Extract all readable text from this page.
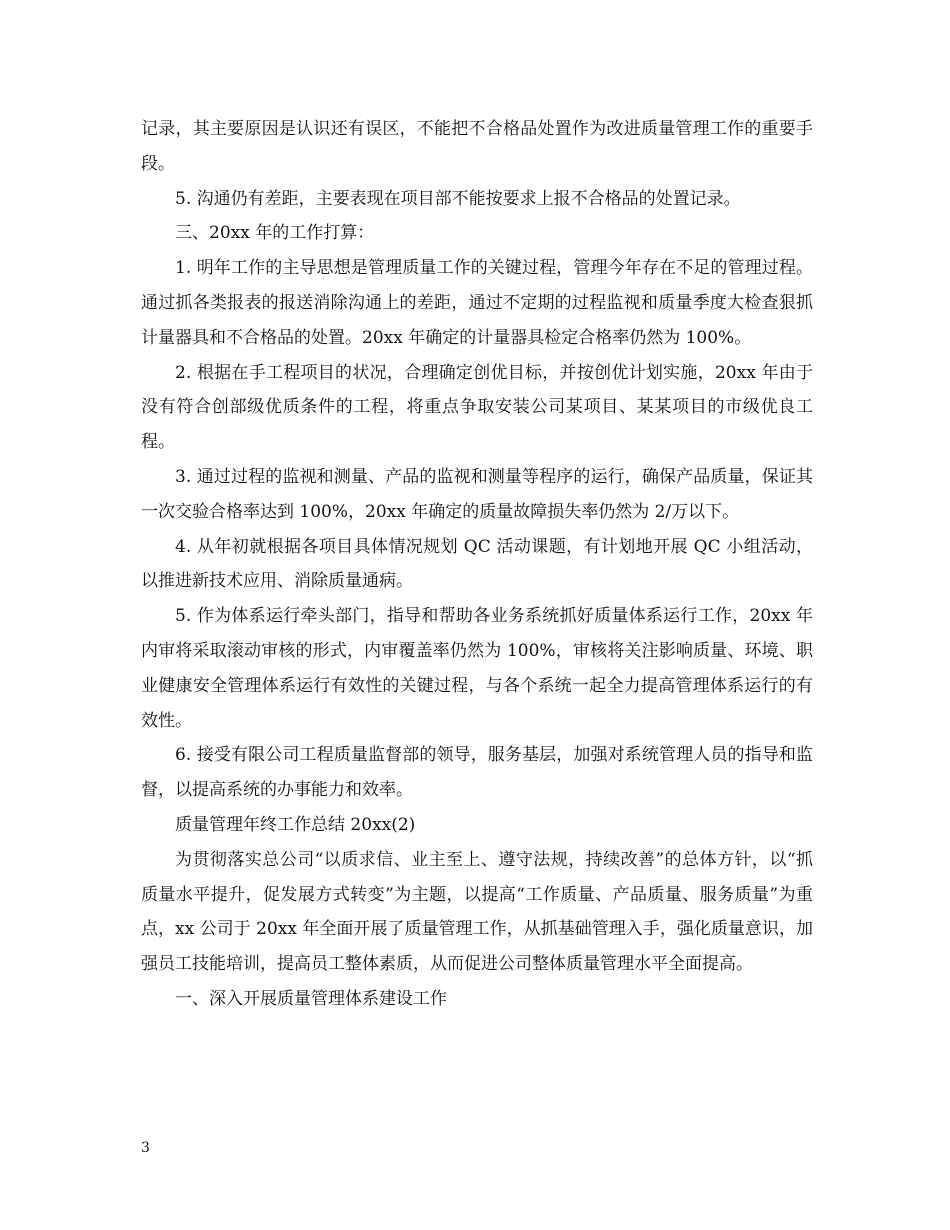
记录，其主要原因是认识还有误区，不能把不合格品处置作为改进质量管理工作的重要手段。

5. 沟通仍有差距，主要表现在项目部不能按要求上报不合格品的处置记录。

三、20xx 年的工作打算：

1. 明年工作的主导思想是管理质量工作的关键过程，管理今年存在不足的管理过程。通过抓各类报表的报送消除沟通上的差距，通过不定期的过程监视和质量季度大检查狠抓计量器具和不合格品的处置。20xx 年确定的计量器具检定合格率仍然为 100%。

2. 根据在手工程项目的状况，合理确定创优目标，并按创优计划实施，20xx 年由于没有符合创部级优质条件的工程，将重点争取安装公司某项目、某某项目的市级优良工程。

3. 通过过程的监视和测量、产品的监视和测量等程序的运行，确保产品质量，保证其一次交验合格率达到 100%，20xx 年确定的质量故障损失率仍然为 2/万以下。

4. 从年初就根据各项目具体情况规划 QC 活动课题，有计划地开展 QC 小组活动，以推进新技术应用、消除质量通病。

5. 作为体系运行牵头部门，指导和帮助各业务系统抓好质量体系运行工作，20xx 年内审将采取滚动审核的形式，内审覆盖率仍然为 100%，审核将关注影响质量、环境、职业健康安全管理体系运行有效性的关键过程，与各个系统一起全力提高管理体系运行的有效性。

6. 接受有限公司工程质量监督部的领导，服务基层，加强对系统管理人员的指导和监督，以提高系统的办事能力和效率。

质量管理年终工作总结 20xx(2)

为贯彻落实总公司“以质求信、业主至上、遵守法规，持续改善”的总体方针，以“抓质量水平提升，促发展方式转变”为主题，以提高“工作质量、产品质量、服务质量”为重点，xx 公司于 20xx 年全面开展了质量管理工作，从抓基础管理入手，强化质量意识，加强员工技能培训，提高员工整体素质，从而促进公司整体质量管理水平全面提高。

一、深入开展质量管理体系建设工作

3
